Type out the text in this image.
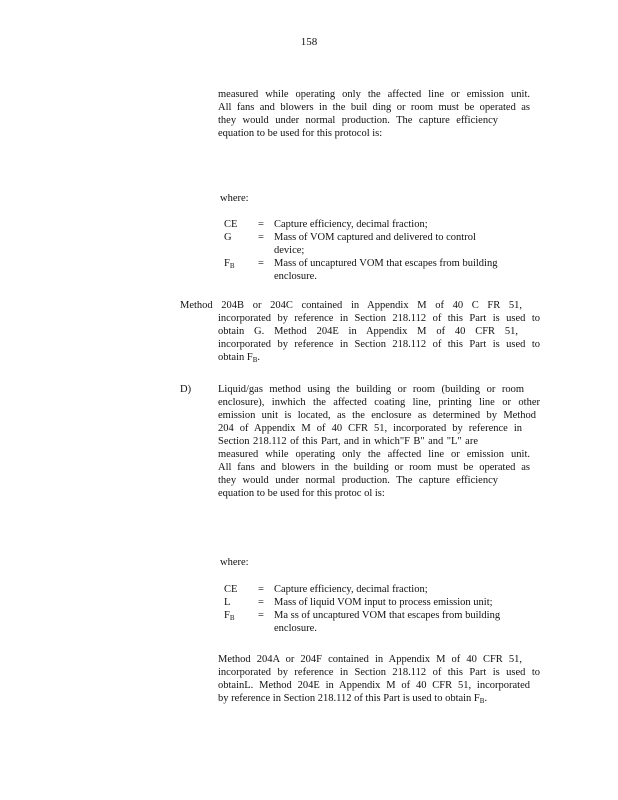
158
measured while operating only the affected line or emission unit.
All fans and blowers in the buil ding or room must be operated as
they would under normal production. The capture efficiency
equation to be used for this protocol is:
where:
CE	= Capture efficiency, decimal fraction;
G	= Mass of VOM captured and delivered to control
device;
$F_B$	= Mass of uncaptured VOM that escapes from building
enclosure.
Method 204B or 204C contained in Appendix M of 40 C FR 51,
incorporated by reference in Section 218.112 of this Part is used to
obtain G. Method 204E in Appendix M of 40 CFR 51,
incorporated by reference in Section 218.112 of this Part is used to
obtain $F_B$.
D)	Liquid/gas method using the building or room (building or room
enclosure), inwhich the affected coating line, printing line or other
emission unit is located, as the enclosure as determined by Method
204 of Appendix M of 40 CFR 51, incorporated by reference in
Section 218.112 of this Part, and in which"F B" and "L" are
measured while operating only the affected line or emission unit.
All fans and blowers in the building or room must be operated as
they would under normal production. The capture efficiency
equation to be used for this protoc ol is:
where:
CE	= Capture efficiency, decimal fraction;
L	= Mass of liquid VOM input to process emission unit;
$F_B$	= Ma ss of uncaptured VOM that escapes from building
enclosure.
Method 204A or 204F contained in Appendix M of 40 CFR 51,
incorporated by reference in Section 218.112 of this Part is used to
obtainL. Method 204E in Appendix M of 40 CFR 51, incorporated
by reference in Section 218.112 of this Part is used to obtain $F_B$.
